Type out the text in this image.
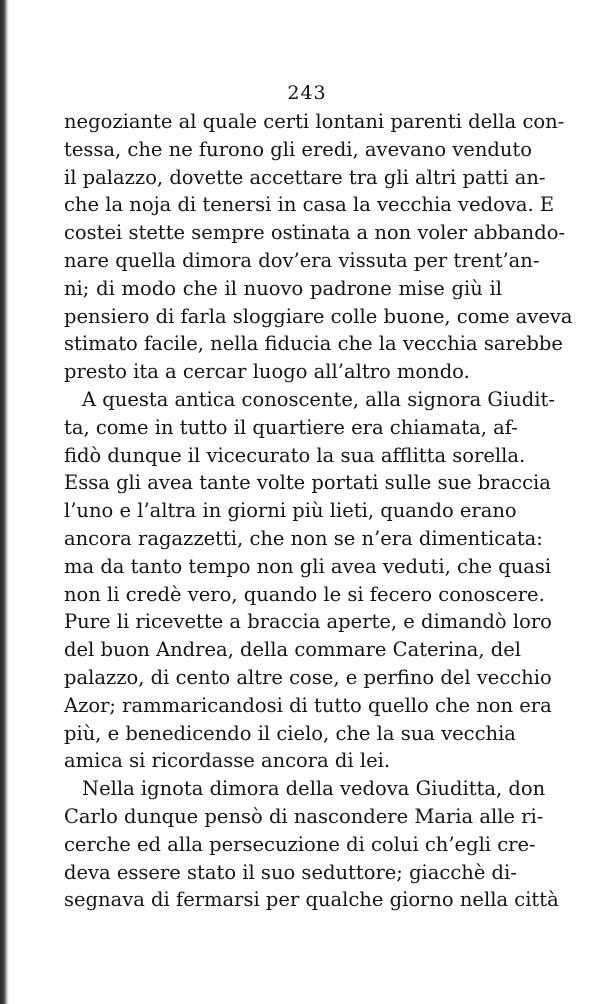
243
negoziante al quale certi lontani parenti della con-
tessa, che ne furono gli eredi, avevano venduto
il palazzo, dovette accettare tra gli altri patti an-
che la noja di tenersi in casa la vecchia vedova. E
costei stette sempre ostinata a non voler abbando-
nare quella dimora dov’era vissuta per trent’an-
ni; di modo che il nuovo padrone mise giù il
pensiero di farla sloggiare colle buone, come aveva
stimato facile, nella fiducia che la vecchia sarebbe
presto ita a cercar luogo all’altro mondo.
A questa antica conoscente, alla signora Giudit-
ta, come in tutto il quartiere era chiamata, af-
fidò dunque il vicecurato la sua afflitta sorella.
Essa gli avea tante volte portati sulle sue braccia
l’uno e l’altra in giorni più lieti, quando erano
ancora ragazzetti, che non se n’era dimenticata:
ma da tanto tempo non gli avea veduti, che quasi
non li credè vero, quando le si fecero conoscere.
Pure li ricevette a braccia aperte, e dimandò loro
del buon Andrea, della commare Caterina, del
palazzo, di cento altre cose, e perfino del vecchio
Azor; rammaricandosi di tutto quello che non era
più, e benedicendo il cielo, che la sua vecchia
amica si ricordasse ancora di lei.
Nella ignota dimora della vedova Giuditta, don
Carlo dunque pensò di nascondere Maria alle ri-
cerche ed alla persecuzione di colui ch’egli cre-
deva essere stato il suo seduttore; giacchè di-
segnava di fermarsi per qualche giorno nella città
